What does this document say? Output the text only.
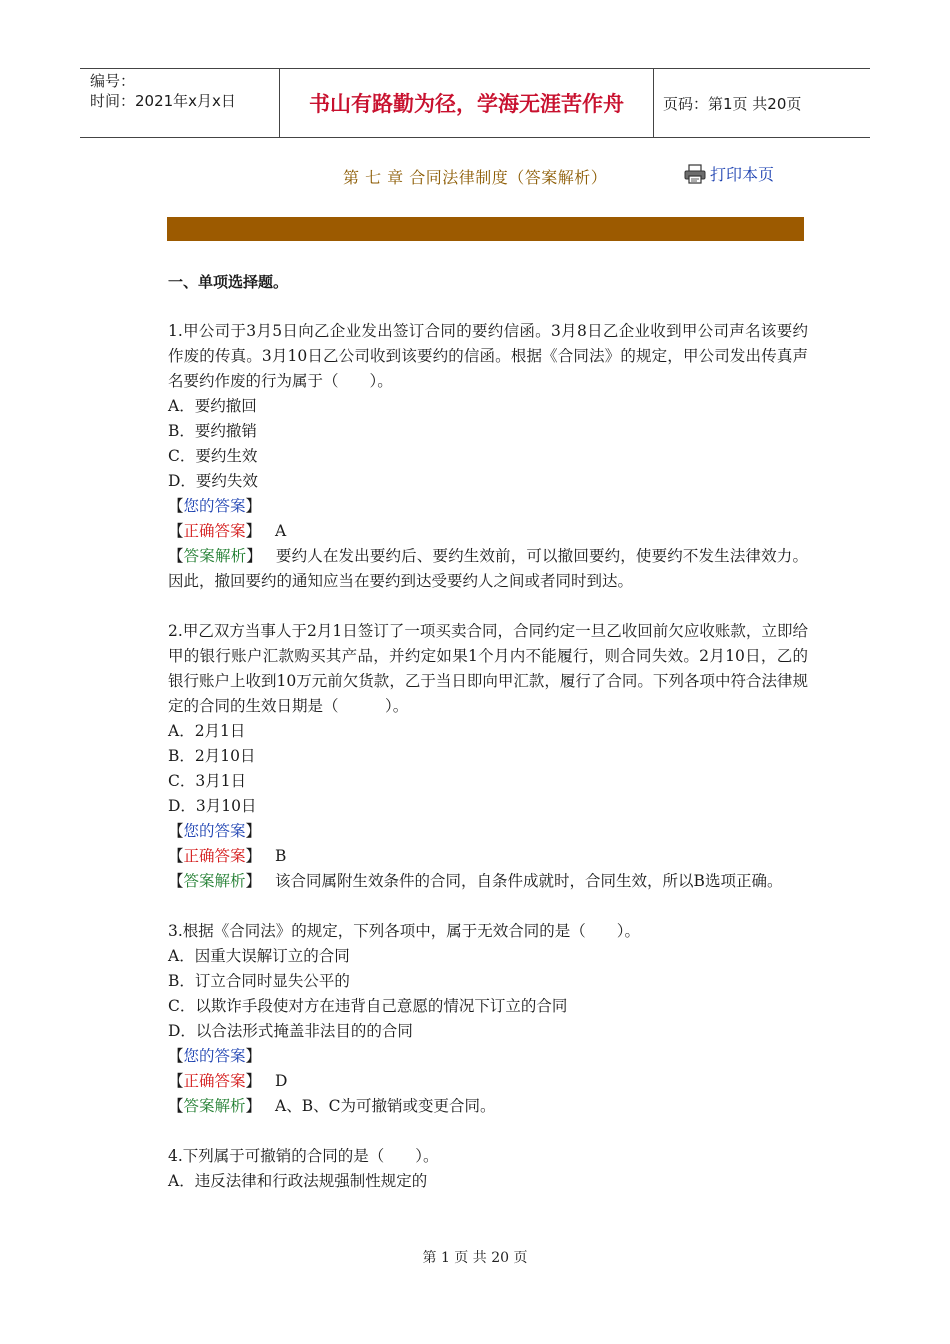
编号：
时间：2021年x月x日	书山有路勤为径，学海无涯苦作舟	页码：第1页 共20页
第 七 章 合同法律制度（答案解析）	打印本页
一、单项选择题。
1.甲公司于3月5日向乙企业发出签订合同的要约信函。3月8日乙企业收到甲公司声名该要约作废的传真。3月10日乙公司收到该要约的信函。根据《合同法》的规定，甲公司发出传真声名要约作废的行为属于（　　）。
A．要约撤回
B．要约撤销
C．要约生效
D．要约失效
【您的答案】
【正确答案】 A
【答案解析】 要约人在发出要约后、要约生效前，可以撤回要约，使要约不发生法律效力。因此，撤回要约的通知应当在要约到达受要约人之间或者同时到达。
2.甲乙双方当事人于2月1日签订了一项买卖合同，合同约定一旦乙收回前欠应收账款，立即给甲的银行账户汇款购买其产品，并约定如果1个月内不能履行，则合同失效。2月10日，乙的银行账户上收到10万元前欠货款，乙于当日即向甲汇款，履行了合同。下列各项中符合法律规定的合同的生效日期是（　　　）。
A．2月1日
B．2月10日
C．3月1日
D．3月10日
【您的答案】
【正确答案】 B
【答案解析】 该合同属附生效条件的合同，自条件成就时，合同生效，所以B选项正确。
3.根据《合同法》的规定，下列各项中，属于无效合同的是（　　）。
A．因重大误解订立的合同
B．订立合同时显失公平的
C．以欺诈手段使对方在违背自己意愿的情况下订立的合同
D．以合法形式掩盖非法目的的合同
【您的答案】
【正确答案】 D
【答案解析】 A、B、C为可撤销或变更合同。
4.下列属于可撤销的合同的是（　　）。
A．违反法律和行政法规强制性规定的
第 1 页 共 20 页
